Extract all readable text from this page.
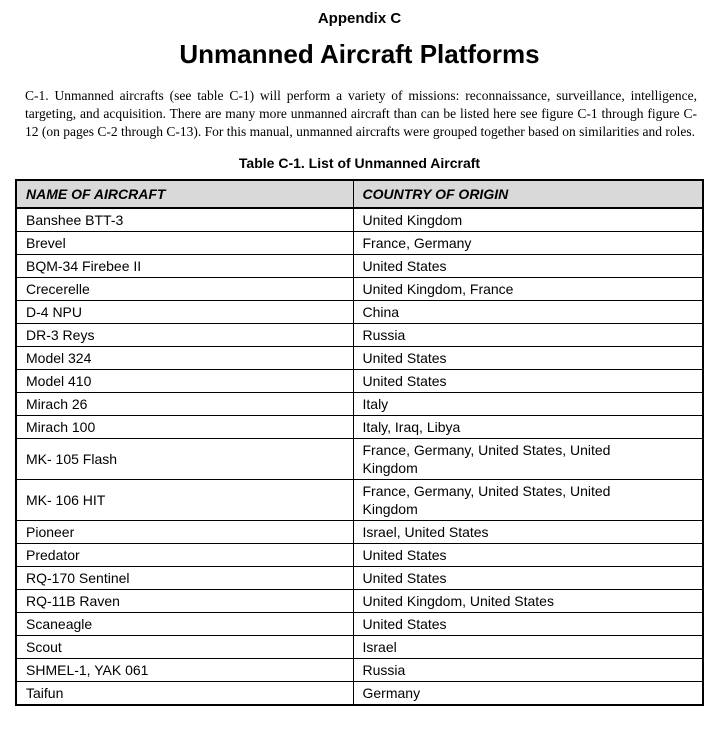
Appendix C
Unmanned Aircraft Platforms

C-1. Unmanned aircrafts (see table C-1) will perform a variety of missions: reconnaissance, surveillance, intelligence, targeting, and acquisition. There are many more unmanned aircraft than can be listed here see figure C-1 through figure C-12 (on pages C-2 through C-13). For this manual, unmanned aircrafts were grouped together based on similarities and roles.

Table C-1. List of Unmanned Aircraft
NAME OF AIRCRAFT	COUNTRY OF ORIGIN
Banshee BTT-3	United Kingdom
Brevel	France, Germany
BQM-34 Firebee II	United States
Crecerelle	United Kingdom, France
D-4 NPU	China
DR-3 Reys	Russia
Model 324	United States
Model 410	United States
Mirach 26	Italy
Mirach 100	Italy, Iraq, Libya
MK- 105 Flash	France, Germany, United States, United Kingdom
MK- 106 HIT	France, Germany, United States, United Kingdom
Pioneer	Israel, United States
Predator	United States
RQ-170 Sentinel	United States
RQ-11B Raven	United Kingdom, United States
Scaneagle	United States
Scout	Israel
SHMEL-1, YAK 061	Russia
Taifun	Germany
